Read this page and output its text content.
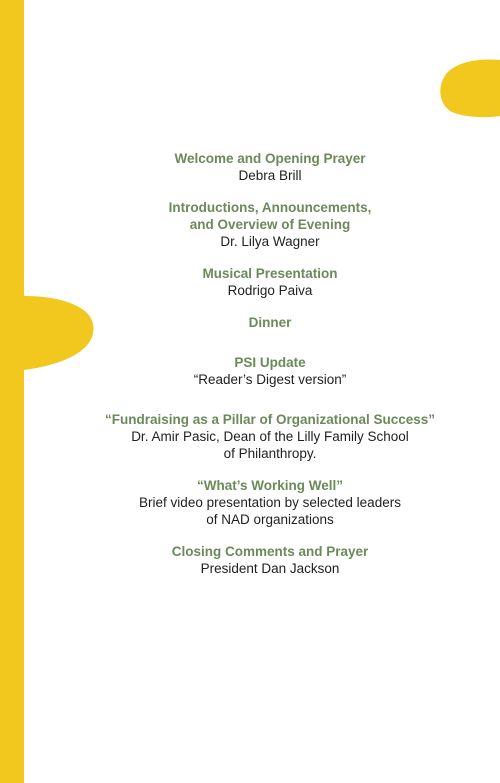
Welcome and Opening Prayer
Debra Brill
Introductions, Announcements,
and Overview of Evening
Dr. Lilya Wagner
Musical Presentation
Rodrigo Paiva
Dinner
PSI Update
“Reader’s Digest version”
“Fundraising as a Pillar of Organizational Success”
Dr. Amir Pasic, Dean of the Lilly Family School
of Philanthropy.
“What’s Working Well”
Brief video presentation by selected leaders
of NAD organizations
Closing Comments and Prayer
President Dan Jackson
